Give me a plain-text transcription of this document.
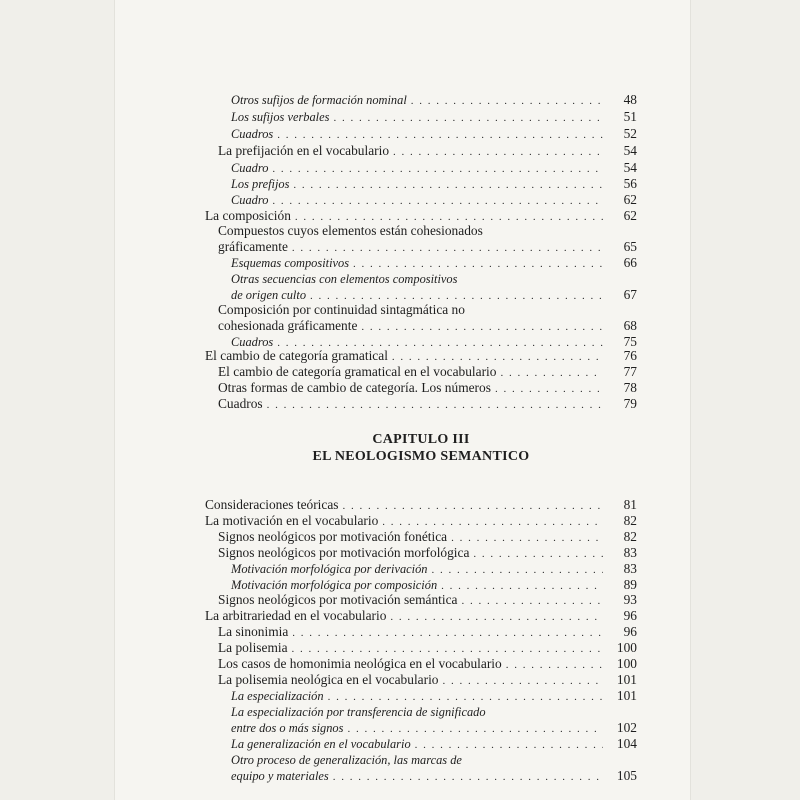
Otros sufijos de formación nominal . . .	48
Los sufijos verbales . . .	51
Cuadros . . .	52
La prefijación en el vocabulario . . .	54
Cuadro . . .	54
Los prefijos . . .	56
Cuadro . . .	62
La composición . . .	62
Compuestos cuyos elementos están cohesionados
gráficamente . . .	65
Esquemas compositivos . . .	66
Otras secuencias con elementos compositivos
de origen culto . . .	67
Composición por continuidad sintagmática no
cohesionada gráficamente . . .	68
Cuadros . . .	75
El cambio de categoría gramatical . . .	76
El cambio de categoría gramatical en el vocabulario . . .	77
Otras formas de cambio de categoría. Los números . . .	78
Cuadros . . .	79
CAPITULO III
EL NEOLOGISMO SEMANTICO
Consideraciones teóricas . . .	81
La motivación en el vocabulario . . .	82
Signos neológicos por motivación fonética . . .	82
Signos neológicos por motivación morfológica . . .	83
Motivación morfológica por derivación . . .	83
Motivación morfológica por composición . . .	89
Signos neológicos por motivación semántica . . .	93
La arbitrariedad en el vocabulario . . .	96
La sinonimia . . .	96
La polisemia . . .	100
Los casos de homonimia neológica en el vocabulario . . .	100
La polisemia neológica en el vocabulario . . .	101
La especialización . . .	101
La especialización por transferencia de significado
entre dos o más signos . . .	102
La generalización en el vocabulario . . .	104
Otro proceso de generalización, las marcas de
equipo y materiales . . .	105
